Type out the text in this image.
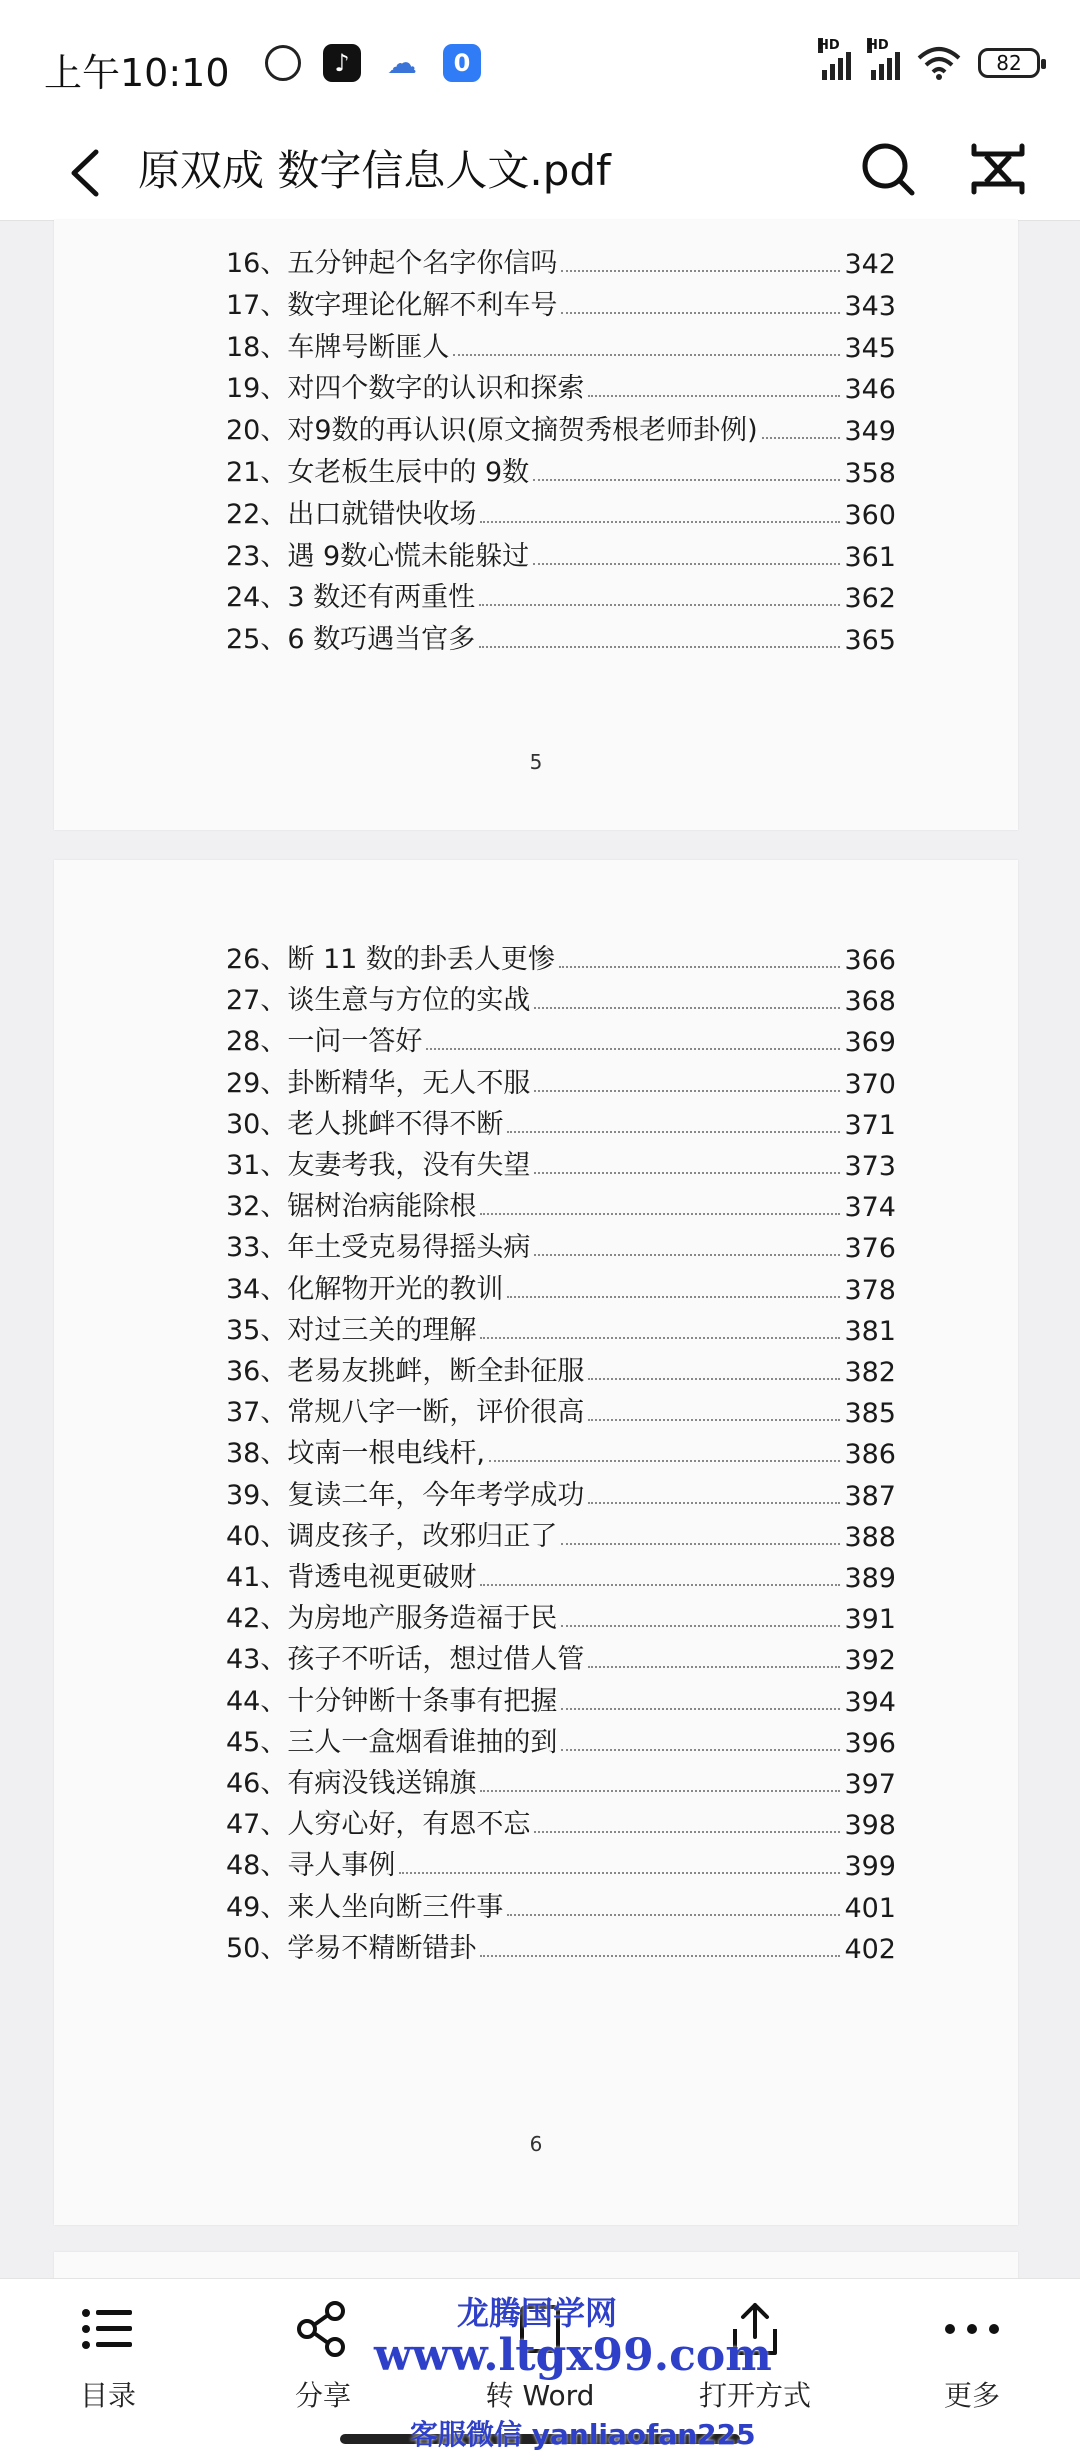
上午10:10	♪	☁	0
HD HD
82
原双成 数字信息人文.pdf
16、五分钟起个名字你信吗	342
17、数字理论化解不利车号	343
18、车牌号断匪人	345
19、对四个数字的认识和探索	346
20、对9数的再认识(原文摘贺秀根老师卦例)	349
21、女老板生辰中的 9数	358
22、出口就错快收场	360
23、遇 9数心慌未能躲过	361
24、3 数还有两重性	362
25、6 数巧遇当官多	365
5
26、断 11 数的卦丢人更惨	366
27、谈生意与方位的实战	368
28、一问一答好	369
29、卦断精华，无人不服	370
30、老人挑衅不得不断	371
31、友妻考我，没有失望	373
32、锯树治病能除根	374
33、年土受克易得摇头病	376
34、化解物开光的教训	378
35、对过三关的理解	381
36、老易友挑衅，断全卦征服	382
37、常规八字一断，评价很高	385
38、坟南一根电线杆,	386
39、复读二年，今年考学成功	387
40、调皮孩子，改邪归正了	388
41、背透电视更破财	389
42、为房地产服务造福于民	391
43、孩子不听话，想过借人管	392
44、十分钟断十条事有把握	394
45、三人一盒烟看谁抽的到	396
46、有病没钱送锦旗	397
47、人穷心好，有恩不忘	398
48、寻人事例	399
49、来人坐向断三件事	401
50、学易不精断错卦	402
6
目录	分享	转 Word	打开方式	更多
龙腾国学网
www.ltgx99.com
客服微信 yanliaofan225
